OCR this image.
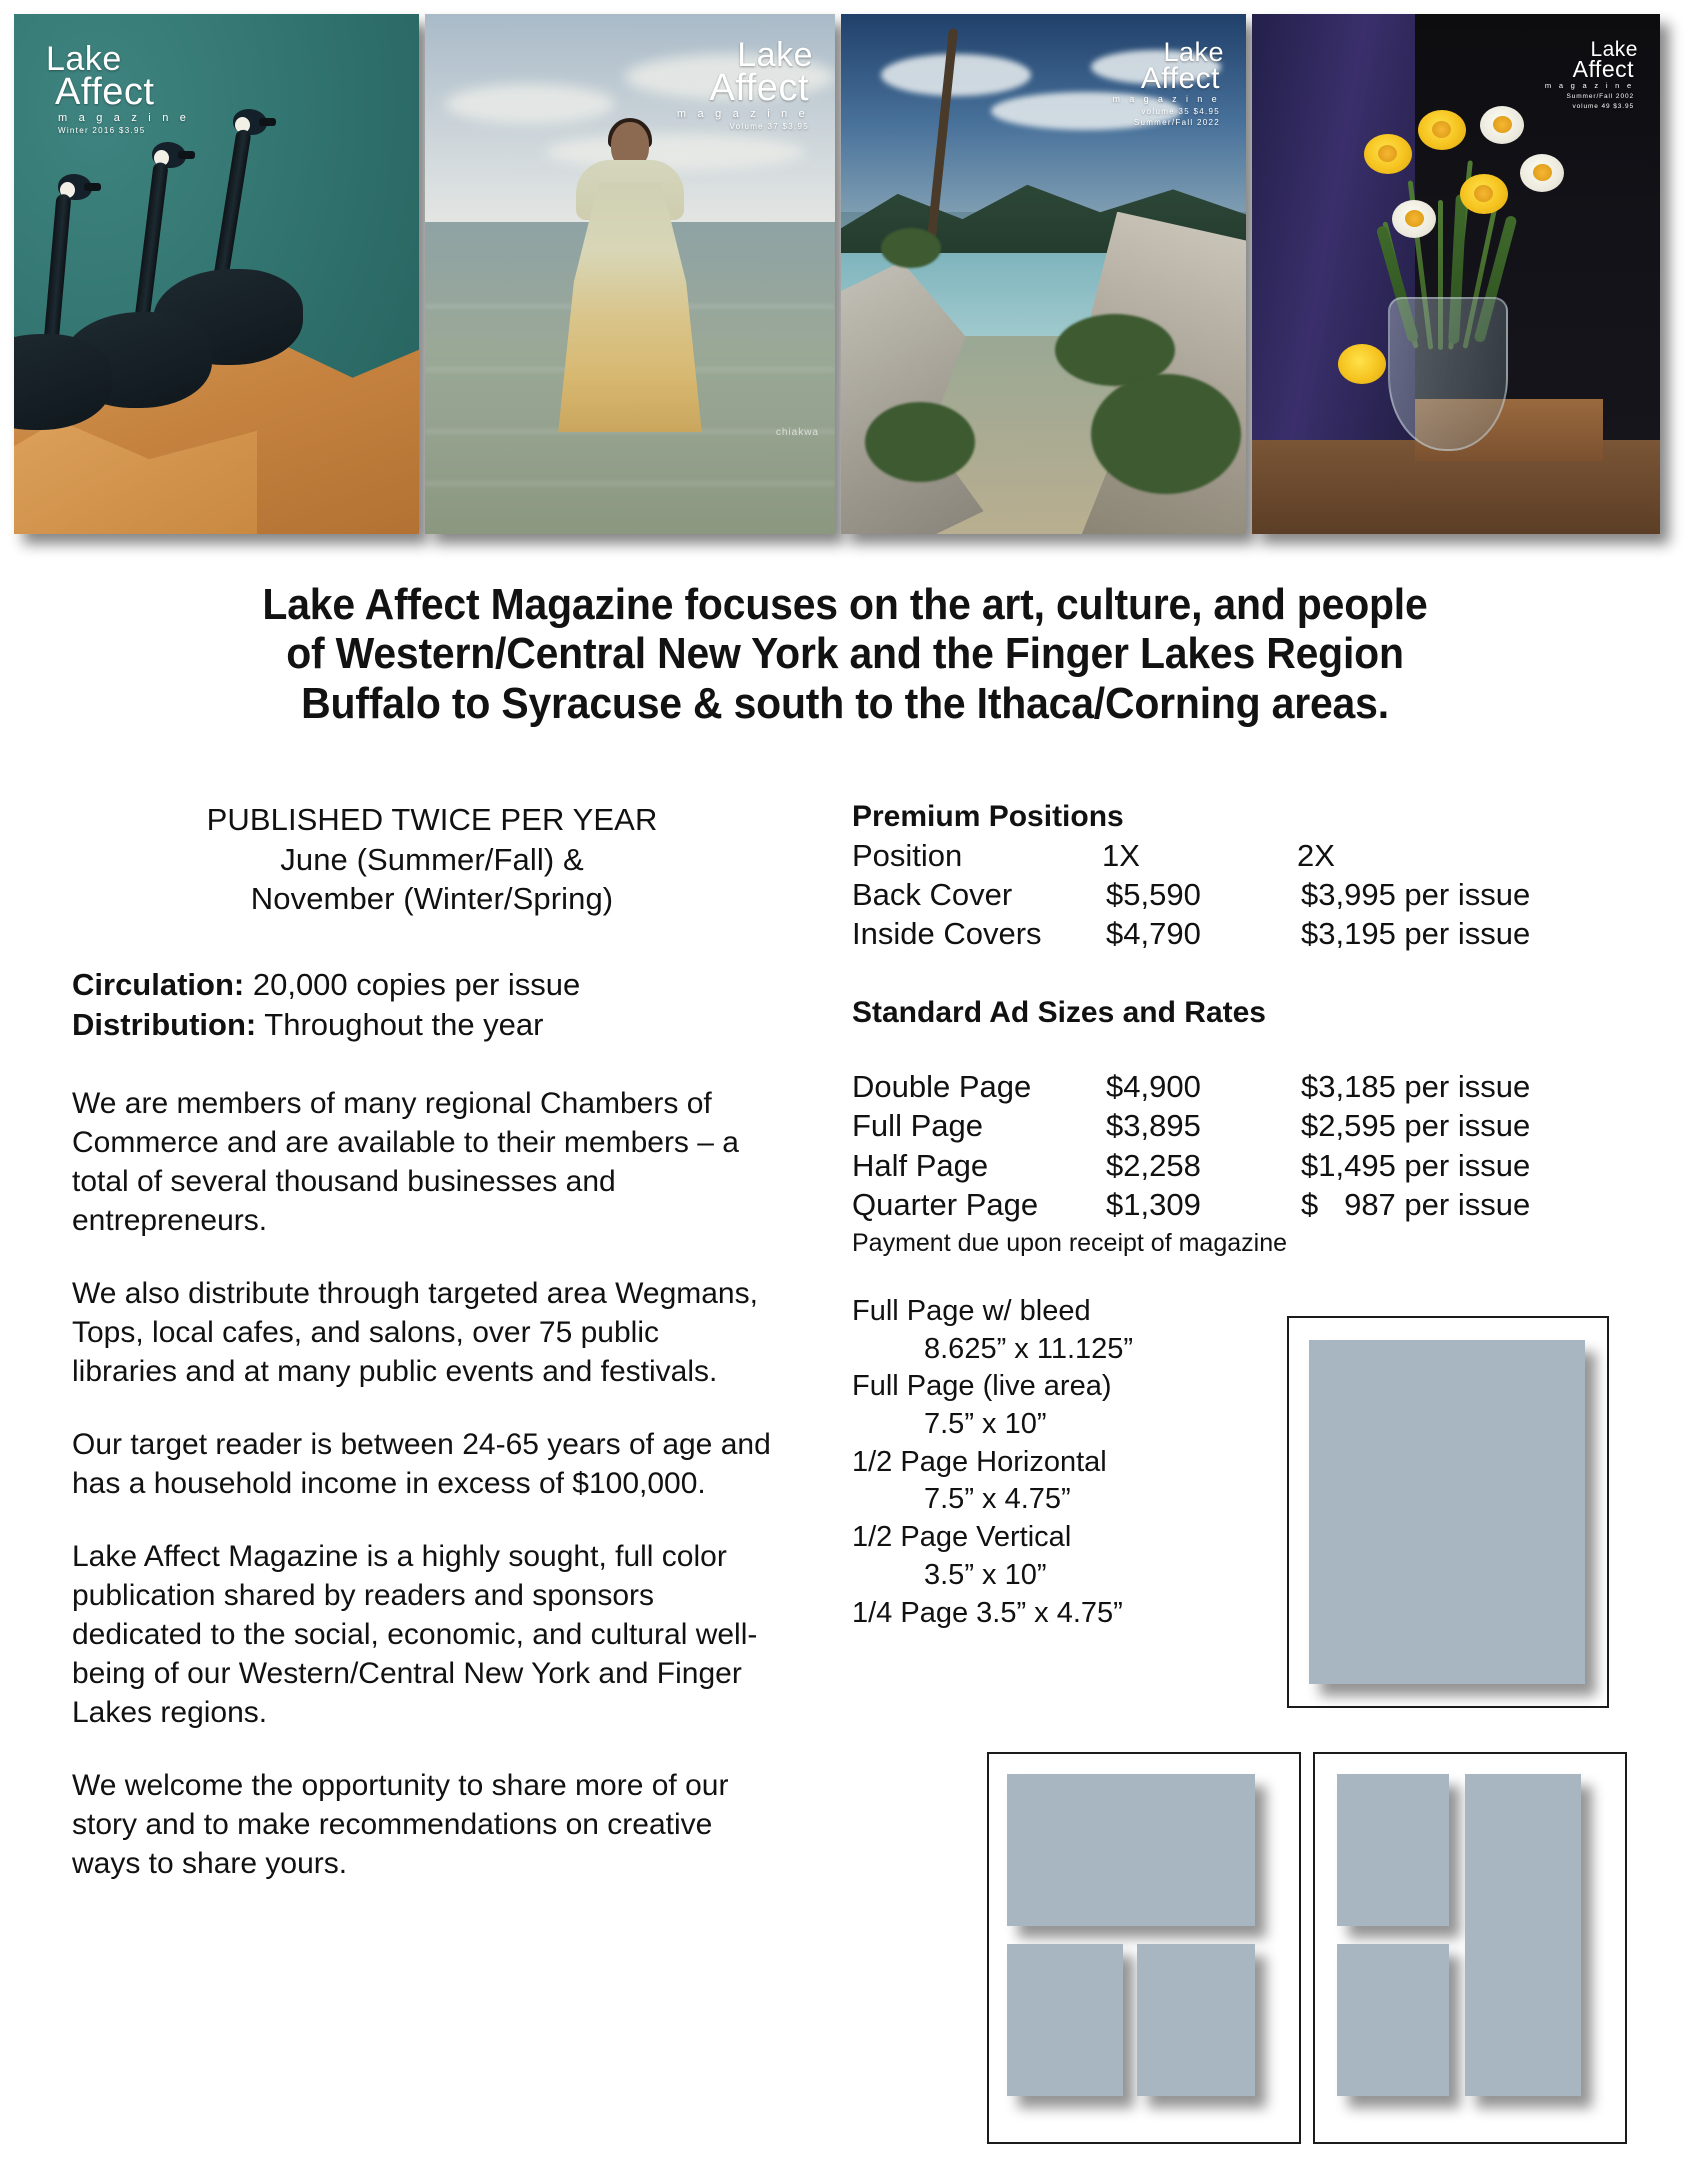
Lake
Affect
m a g a z i n e
Winter 2016 $3.95
chiakwa
Lake
Affect
m a g a z i n e
Volume 37 $3.95
Lake
Affect
m a g a z i n e
volume 35 $4.95
Summer/Fall 2022
Lake
Affect
m a g a z i n e
Summer/Fall 2002
volume 49 $3.95
Lake Affect Magazine focuses on the art, culture, and people
of Western/Central New York and the Finger Lakes Region
Buffalo to Syracuse & south to the Ithaca/Corning areas.
PUBLISHED TWICE PER YEAR
June (Summer/Fall) &
November (Winter/Spring)

Circulation: 20,000 copies per issue

Distribution: Throughout the year

We are members of many regional Chambers of Commerce and are available to their members – a total of several thousand businesses and entrepreneurs.

We also distribute through targeted area Wegmans, Tops, local cafes, and salons, over 75 public libraries and at many public events and festivals.

Our target reader is between 24-65 years of age and has a household income in excess of $100,000.

Lake Affect Magazine is a highly sought, full color publication shared by readers and sponsors dedicated to the social, economic, and cultural well-being of our Western/Central New York and Finger Lakes regions.

We welcome the opportunity to share more of our story and to make recommendations on creative ways to share yours.

Premium Positions

Position	1X	2X
Back Cover	$5,590	$3,995 per issue
Inside Covers	$4,790	$3,195 per issue

Standard Ad Sizes and Rates

Double Page	$4,900	$3,185 per issue
Full Page	$3,895	$2,595 per issue
Half Page	$2,258	$1,495 per issue
Quarter Page	$1,309	$   987 per issue

Payment due upon receipt of magazine

Full Page w/ bleed
8.625” x 11.125”
Full Page (live area)
7.5” x 10”
1/2 Page Horizontal
7.5” x 4.75”
1/2 Page Vertical
3.5” x 10”
1/4 Page 3.5” x 4.75”
